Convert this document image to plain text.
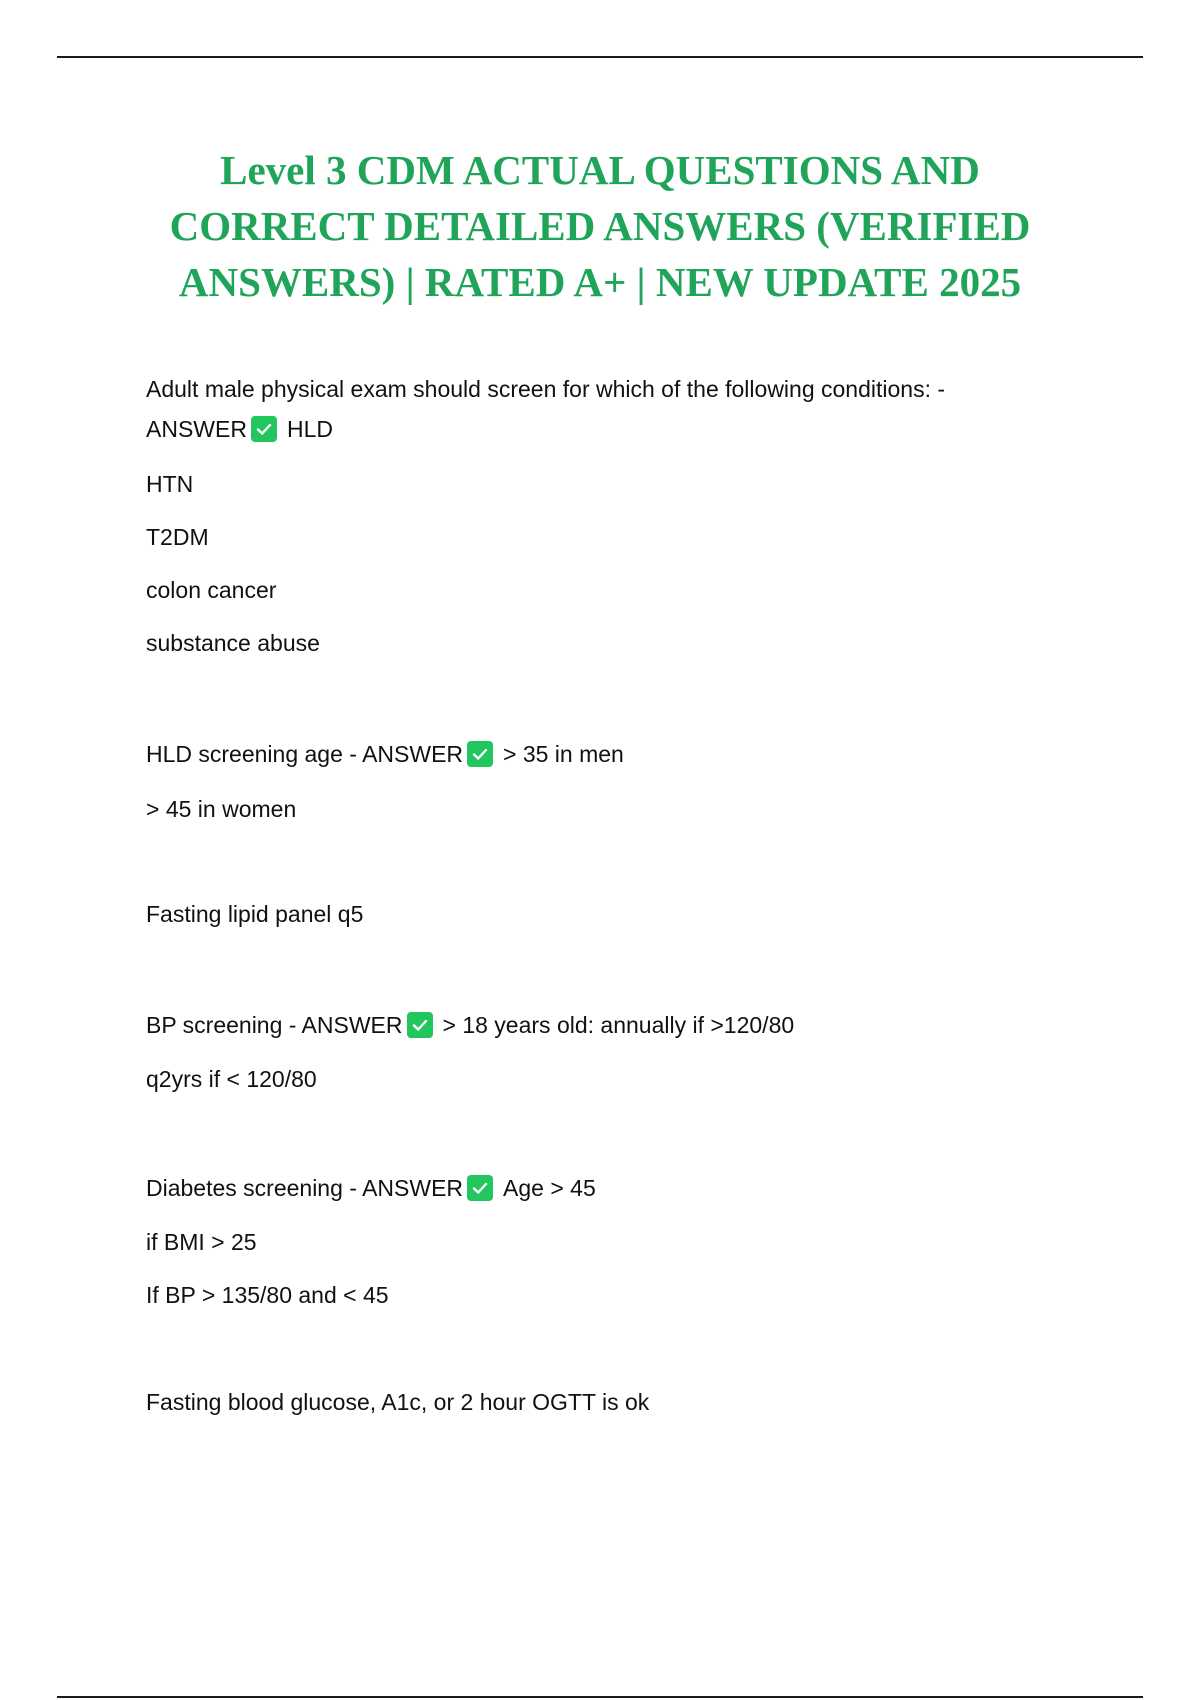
Level 3 CDM ACTUAL QUESTIONS AND
CORRECT DETAILED ANSWERS (VERIFIED
ANSWERS) | RATED A+ | NEW UPDATE 2025
Adult male physical exam should screen for which of the following conditions: -
ANSWER HLD
HTN
T2DM
colon cancer
substance abuse
HLD screening age - ANSWER > 35 in men
> 45 in women
Fasting lipid panel q5
BP screening - ANSWER > 18 years old: annually if >120/80
q2yrs if < 120/80
Diabetes screening - ANSWER Age > 45
if BMI > 25
If BP > 135/80 and < 45
Fasting blood glucose, A1c, or 2 hour OGTT is ok
